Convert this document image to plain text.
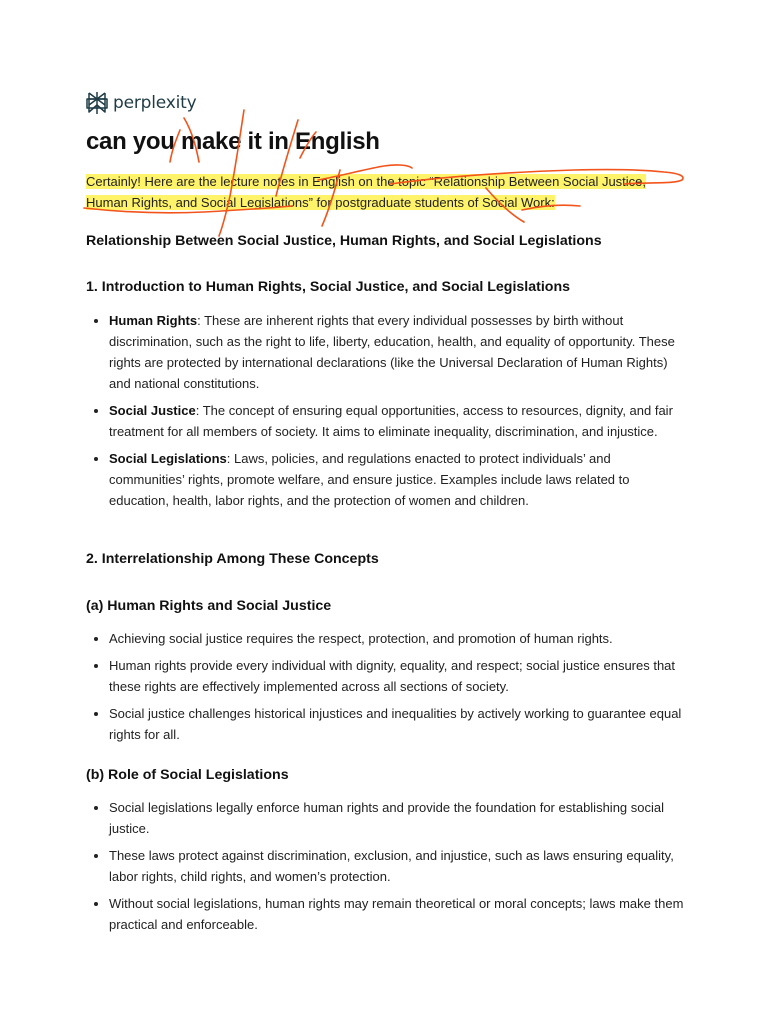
perplexity
can you make it in English

Certainly! Here are the lecture notes in English on the topic “Relationship Between Social Justice, Human Rights, and Social Legislations” for postgraduate students of Social Work:

Relationship Between Social Justice, Human Rights, and Social Legislations
1. Introduction to Human Rights, Social Justice, and Social Legislations
Human Rights: These are inherent rights that every individual possesses by birth without discrimination, such as the right to life, liberty, education, health, and equality of opportunity. These rights are protected by international declarations (like the Universal Declaration of Human Rights) and national constitutions.
Social Justice: The concept of ensuring equal opportunities, access to resources, dignity, and fair treatment for all members of society. It aims to eliminate inequality, discrimination, and injustice.
Social Legislations: Laws, policies, and regulations enacted to protect individuals’ and communities’ rights, promote welfare, and ensure justice. Examples include laws related to education, health, labor rights, and the protection of women and children.
2. Interrelationship Among These Concepts
(a) Human Rights and Social Justice
Achieving social justice requires the respect, protection, and promotion of human rights.
Human rights provide every individual with dignity, equality, and respect; social justice ensures that these rights are effectively implemented across all sections of society.
Social justice challenges historical injustices and inequalities by actively working to guarantee equal rights for all.
(b) Role of Social Legislations
Social legislations legally enforce human rights and provide the foundation for establishing social justice.
These laws protect against discrimination, exclusion, and injustice, such as laws ensuring equality, labor rights, child rights, and women’s protection.
Without social legislations, human rights may remain theoretical or moral concepts; laws make them practical and enforceable.
